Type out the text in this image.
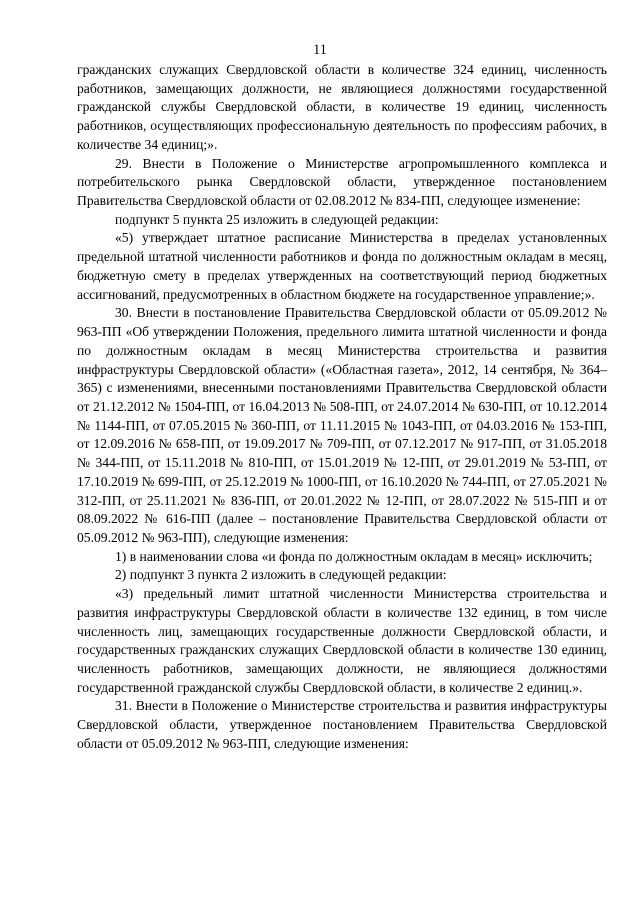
11

гражданских служащих Свердловской области в количестве 324 единиц, численность работников, замещающих должности, не являющиеся должностями государственной гражданской службы Свердловской области, в количестве 19 единиц, численность работников, осуществляющих профессиональную деятельность по профессиям рабочих, в количестве 34 единиц;».

29. Внести в Положение о Министерстве агропромышленного комплекса и потребительского рынка Свердловской области, утвержденное постановлением Правительства Свердловской области от 02.08.2012 № 834-ПП, следующее изменение:

подпункт 5 пункта 25 изложить в следующей редакции:

«5) утверждает штатное расписание Министерства в пределах установленных предельной штатной численности работников и фонда по должностным окладам в месяц, бюджетную смету в пределах утвержденных на соответствующий период бюджетных ассигнований, предусмотренных в областном бюджете на государственное управление;».

30. Внести в постановление Правительства Свердловской области от 05.09.2012 № 963-ПП «Об утверждении Положения, предельного лимита штатной численности и фонда по должностным окладам в месяц Министерства строительства и развития инфраструктуры Свердловской области» («Областная газета», 2012, 14 сентября, № 364–365) с изменениями, внесенными постановлениями Правительства Свердловской области от 21.12.2012 № 1504-ПП, от 16.04.2013 № 508-ПП, от 24.07.2014 № 630-ПП, от 10.12.2014 № 1144-ПП, от 07.05.2015 № 360-ПП, от 11.11.2015 № 1043-ПП, от 04.03.2016 № 153-ПП, от 12.09.2016 № 658-ПП, от 19.09.2017 № 709-ПП, от 07.12.2017 № 917-ПП, от 31.05.2018 № 344-ПП, от 15.11.2018 № 810-ПП, от 15.01.2019 № 12-ПП, от 29.01.2019 № 53-ПП, от 17.10.2019 № 699-ПП, от 25.12.2019 № 1000-ПП, от 16.10.2020 № 744-ПП, от 27.05.2021 № 312-ПП, от 25.11.2021 № 836-ПП, от 20.01.2022 № 12-ПП, от 28.07.2022 № 515-ПП и от 08.09.2022 № 616-ПП (далее – постановление Правительства Свердловской области от 05.09.2012 № 963-ПП), следующие изменения:

1) в наименовании слова «и фонда по должностным окладам в месяц» исключить;

2) подпункт 3 пункта 2 изложить в следующей редакции:

«3) предельный лимит штатной численности Министерства строительства и развития инфраструктуры Свердловской области в количестве 132 единиц, в том числе численность лиц, замещающих государственные должности Свердловской области, и государственных гражданских служащих Свердловской области в количестве 130 единиц, численность работников, замещающих должности, не являющиеся должностями государственной гражданской службы Свердловской области, в количестве 2 единиц.».

31. Внести в Положение о Министерстве строительства и развития инфраструктуры Свердловской области, утвержденное постановлением Правительства Свердловской области от 05.09.2012 № 963-ПП, следующие изменения:
